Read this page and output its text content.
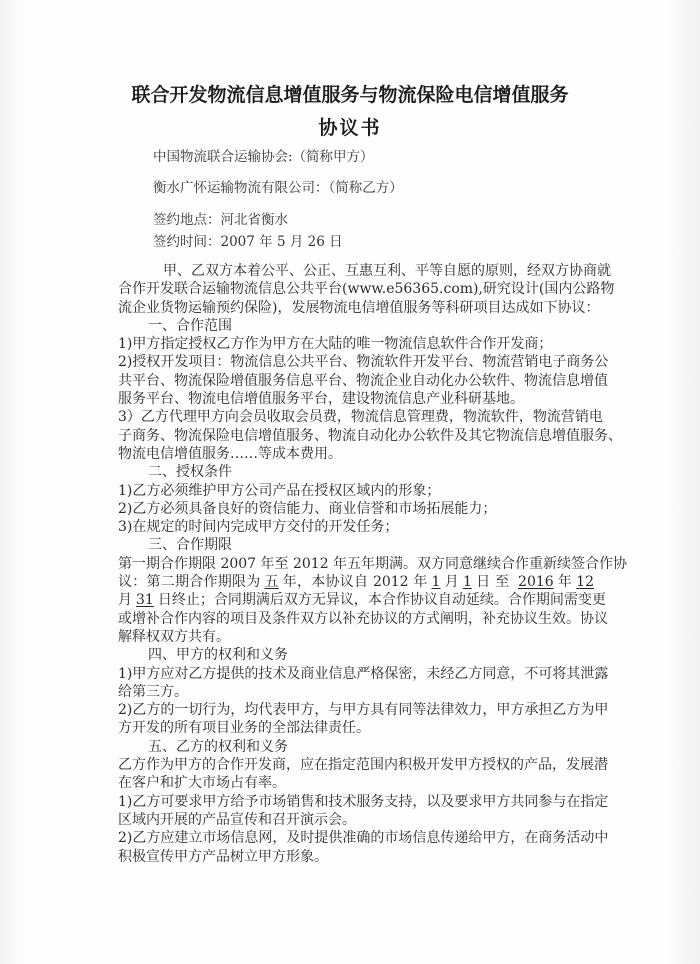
联合开发物流信息增值服务与物流保险电信增值服务
协议书
中国物流联合运输协会:（简称甲方）
衡水广怀运输物流有限公司：（简称乙方）
签约地点：河北省衡水
签约时间：2007 年 5 月 26 日
甲、乙双方本着公平、公正、互惠互利、平等自愿的原则，经双方协商就
合作开发联合运输物流信息公共平台(www.e56365.com),研究设计(国内公路物
流企业货物运输预约保险)，发展物流电信增值服务等科研项目达成如下协议：
一、合作范围
1)甲方指定授权乙方作为甲方在大陆的唯一物流信息软件合作开发商；
2)授权开发项目：物流信息公共平台、物流软件开发平台、物流营销电子商务公
共平台、物流保险增值服务信息平台、物流企业自动化办公软件、物流信息增值
服务平台、物流电信增值服务平台，建设物流信息产业科研基地。
3）乙方代理甲方向会员收取会员费，物流信息管理费，物流软件，物流营销电
子商务、物流保险电信增值服务、物流自动化办公软件及其它物流信息增值服务、
物流电信增值服务……等成本费用。
二、授权条件
1)乙方必须维护甲方公司产品在授权区域内的形象；
2)乙方必须具备良好的资信能力、商业信誉和市场拓展能力；
3)在规定的时间内完成甲方交付的开发任务；
三、合作期限
第一期合作期限 2007 年至 2012 年五年期满。双方同意继续合作重新续签合作协
议：第二期合作期限为 五 年，本协议自 2012 年 1 月 1 日 至 2016 年 12
月 31 日终止；合同期满后双方无异议，本合作协议自动延续。合作期间需变更
或增补合作内容的项目及条件双方以补充协议的方式阐明，补充协议生效。协议
解释权双方共有。
四、甲方的权利和义务
1)甲方应对乙方提供的技术及商业信息严格保密，未经乙方同意，不可将其泄露
给第三方。
2)乙方的一切行为，均代表甲方，与甲方具有同等法律效力，甲方承担乙方为甲
方开发的所有项目业务的全部法律责任。
五、乙方的权利和义务
乙方作为甲方的合作开发商，应在指定范围内积极开发甲方授权的产品，发展潜
在客户和扩大市场占有率。
1)乙方可要求甲方给予市场销售和技术服务支持，以及要求甲方共同参与在指定
区域内开展的产品宣传和召开演示会。
2)乙方应建立市场信息网，及时提供准确的市场信息传递给甲方，在商务活动中
积极宣传甲方产品树立甲方形象。
